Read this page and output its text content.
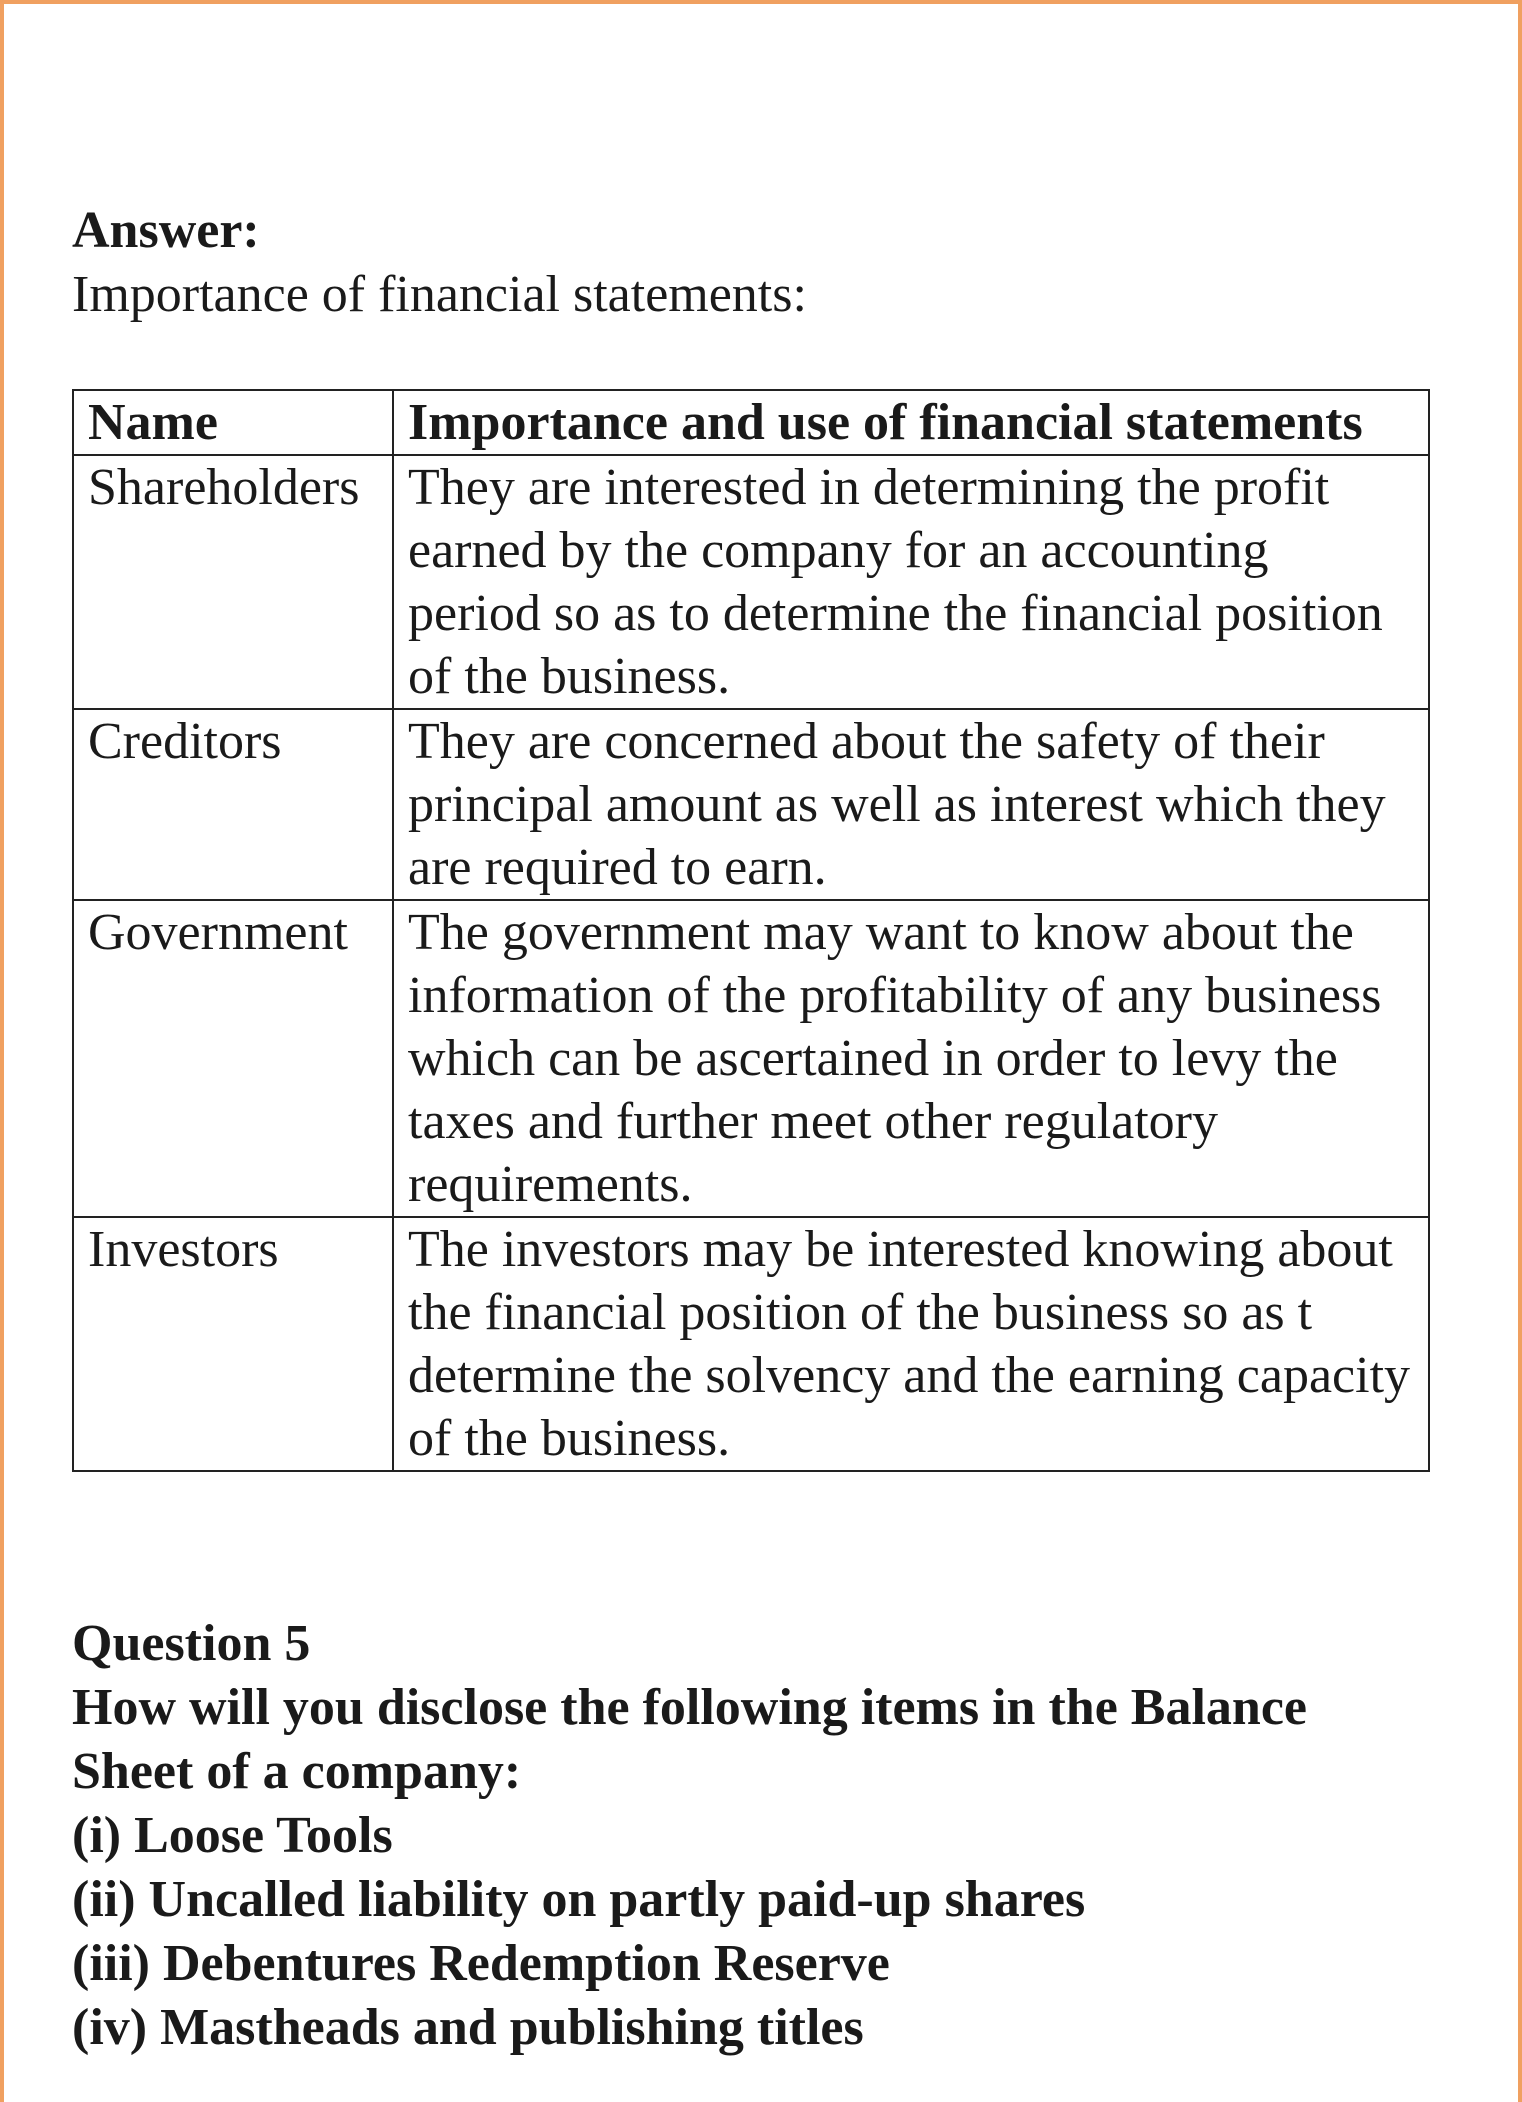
Answer:

Importance of financial statements:

Name	Importance and use of financial statements
Shareholders	They are interested in determining the profit earned by the company for an accounting period so as to determine the financial position of the business.
Creditors	They are concerned about the safety of their principal amount as well as interest which they are required to earn.
Government	The government may want to know about the information of the profitability of any business which can be ascertained in order to levy the taxes and further meet other regulatory requirements.
Investors	The investors may be interested knowing about the financial position of the business so as t determine the solvency and the earning capacity of the business.
Question 5
How will you disclose the following items in the Balance
Sheet of a company:
(i) Loose Tools
(ii) Uncalled liability on partly paid-up shares
(iii) Debentures Redemption Reserve
(iv) Mastheads and publishing titles
